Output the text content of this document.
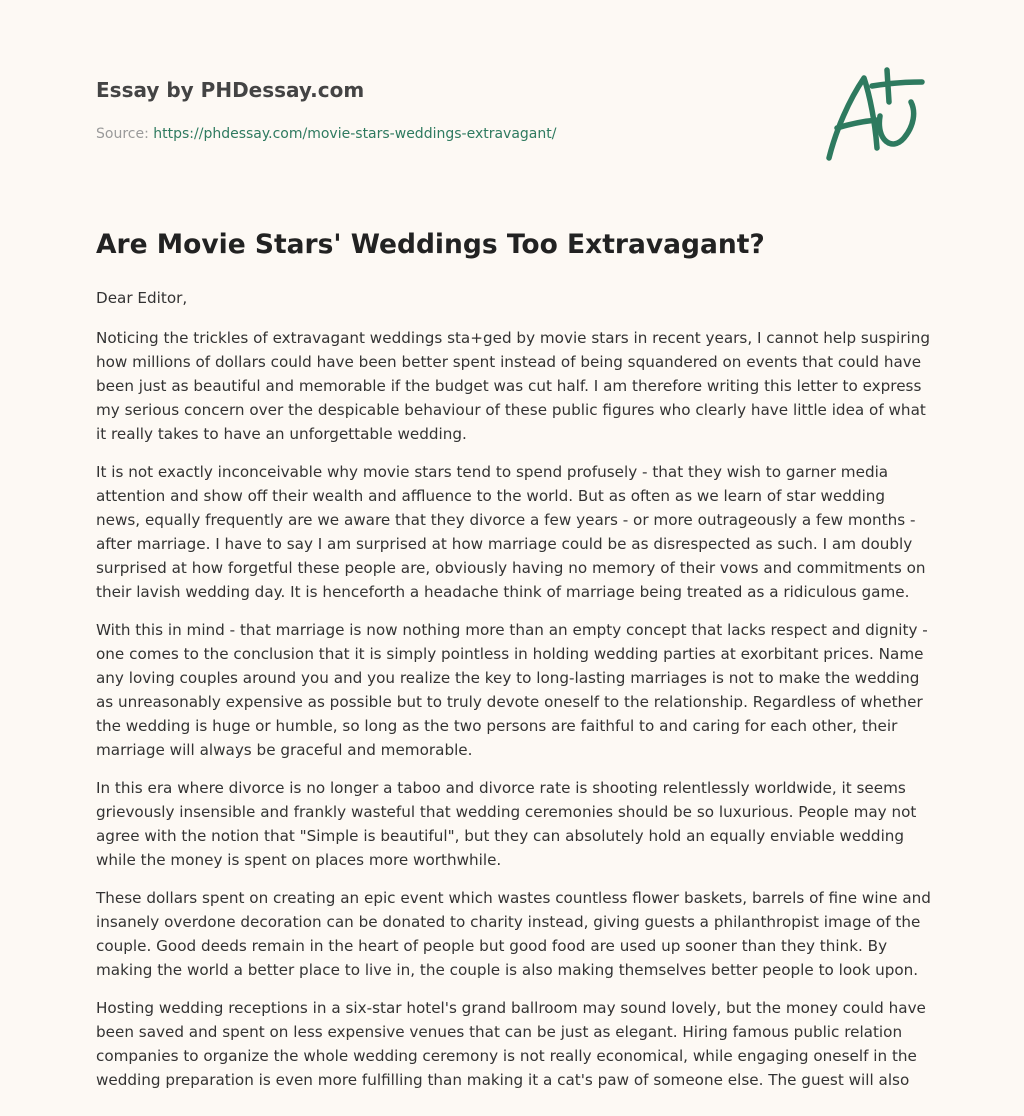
Essay by PHDessay.com
Source: https://phdessay.com/movie-stars-weddings-extravagant/
Are Movie Stars' Weddings Too Extravagant?

Dear Editor,

Noticing the trickles of extravagant weddings sta+ged by movie stars in recent years, I cannot help suspiring how millions of dollars could have been better spent instead of being squandered on events that could have been just as beautiful and memorable if the budget was cut half. I am therefore writing this letter to express my serious concern over the despicable behaviour of these public figures who clearly have little idea of what it really takes to have an unforgettable wedding.

It is not exactly inconceivable why movie stars tend to spend profusely - that they wish to garner media attention and show off their wealth and affluence to the world. But as often as we learn of star wedding news, equally frequently are we aware that they divorce a few years - or more outrageously a few months - after marriage. I have to say I am surprised at how marriage could be as disrespected as such. I am doubly surprised at how forgetful these people are, obviously having no memory of their vows and commitments on their lavish wedding day. It is henceforth a headache think of marriage being treated as a ridiculous game.

With this in mind - that marriage is now nothing more than an empty concept that lacks respect and dignity - one comes to the conclusion that it is simply pointless in holding wedding parties at exorbitant prices. Name any loving couples around you and you realize the key to long-lasting marriages is not to make the wedding as unreasonably expensive as possible but to truly devote oneself to the relationship. Regardless of whether the wedding is huge or humble, so long as the two persons are faithful to and caring for each other, their marriage will always be graceful and memorable.

In this era where divorce is no longer a taboo and divorce rate is shooting relentlessly worldwide, it seems grievously insensible and frankly wasteful that wedding ceremonies should be so luxurious. People may not agree with the notion that "Simple is beautiful", but they can absolutely hold an equally enviable wedding while the money is spent on places more worthwhile.

These dollars spent on creating an epic event which wastes countless flower baskets, barrels of fine wine and insanely overdone decoration can be donated to charity instead, giving guests a philanthropist image of the couple. Good deeds remain in the heart of people but good food are used up sooner than they think. By making the world a better place to live in, the couple is also making themselves better people to look upon.

Hosting wedding receptions in a six-star hotel's grand ballroom may sound lovely, but the money could have been saved and spent on less expensive venues that can be just as elegant. Hiring famous public relation companies to organize the whole wedding ceremony is not really economical, while engaging oneself in the wedding preparation is even more fulfilling than making it a cat's paw of someone else. The guest will also
